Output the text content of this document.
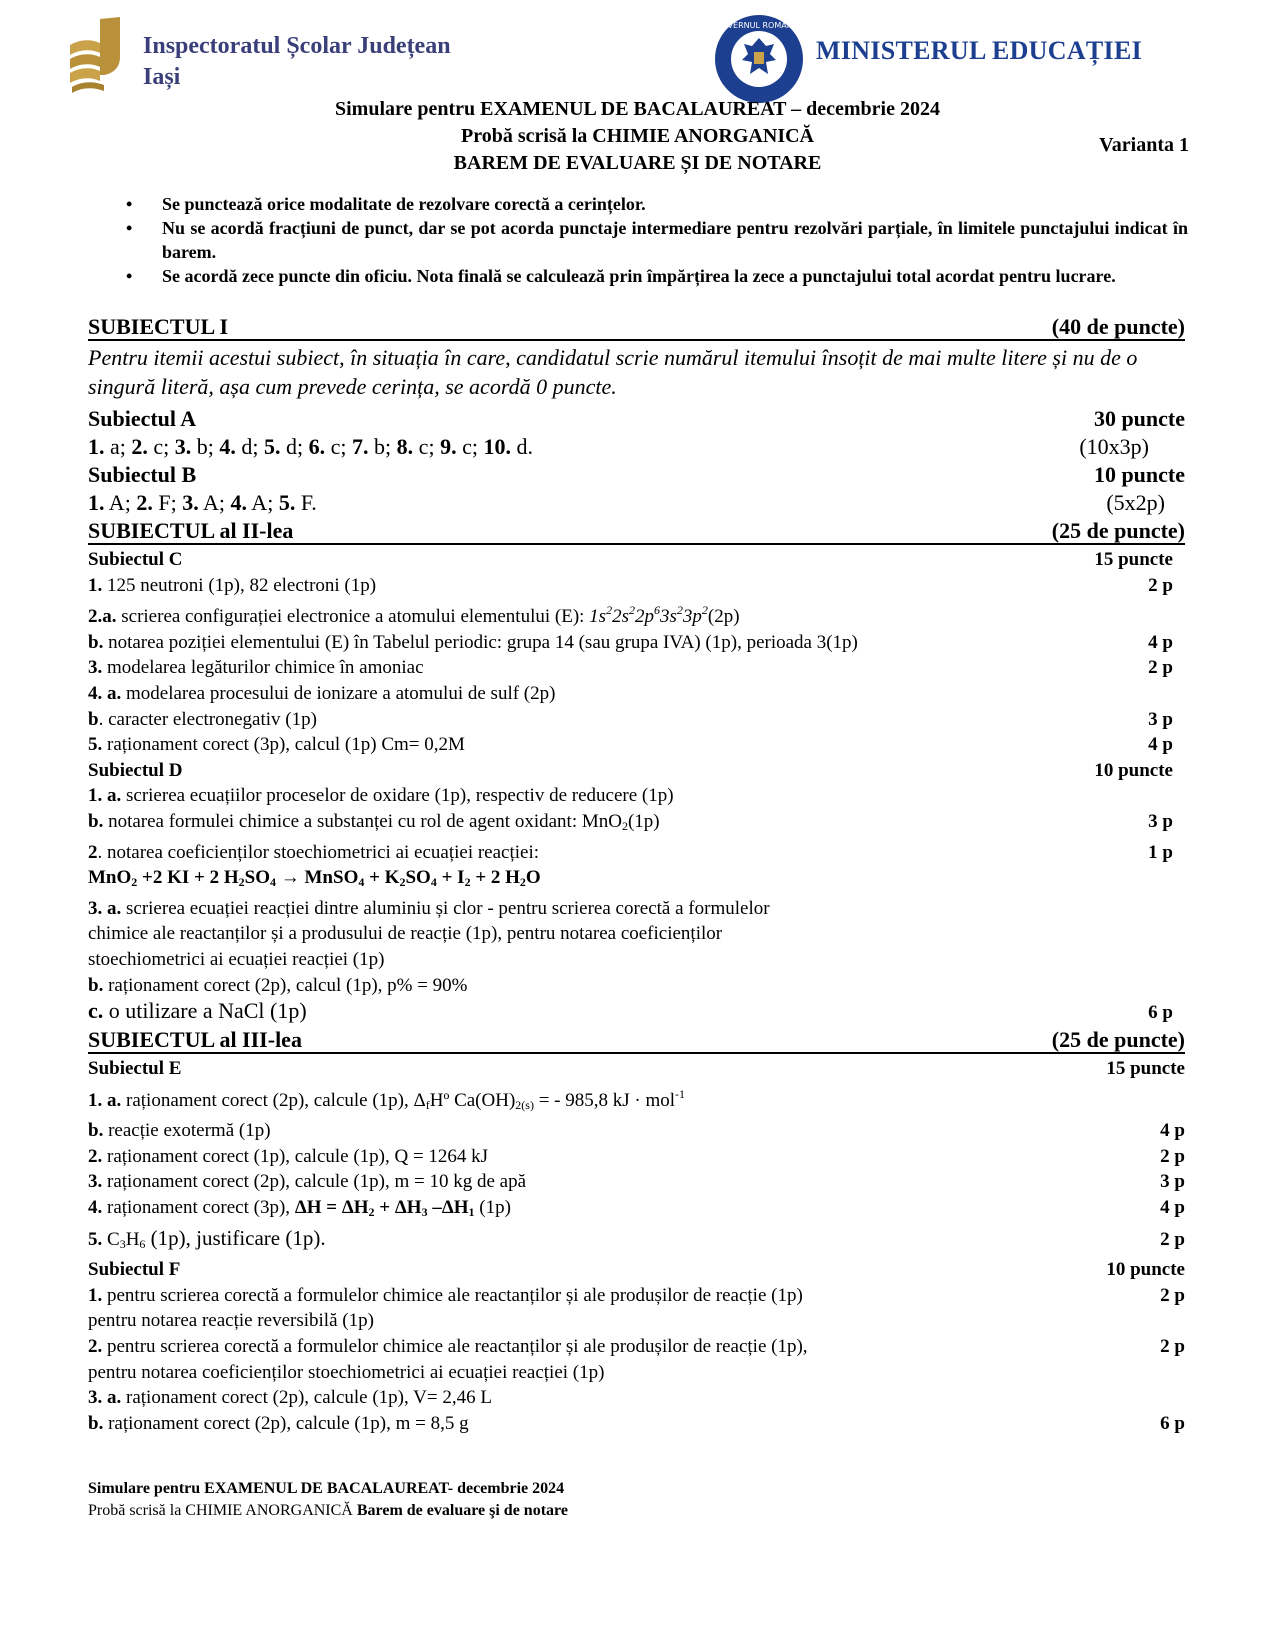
Inspectoratul Școlar Județean
Iași
GUVERNUL ROMÂNIEI
MINISTERUL EDUCAȚIEI
Simulare pentru EXAMENUL DE BACALAUREAT – decembrie 2024
Probă scrisă la CHIMIE ANORGANICĂ	Varianta 1
BAREM DE EVALUARE ȘI DE NOTARE
• Se punctează orice modalitate de rezolvare corectă a cerințelor.
• Nu se acordă fracțiuni de punct, dar se pot acorda punctaje intermediare pentru rezolvări parțiale, în limitele punctajului indicat în barem.
• Se acordă zece puncte din oficiu. Nota finală se calculează prin împărțirea la zece a punctajului total acordat pentru lucrare.
SUBIECTUL I	(40 de puncte)
Pentru itemii acestui subiect, în situația în care, candidatul scrie numărul itemului însoțit de mai multe litere și nu de o singură literă, așa cum prevede cerința, se acordă 0 puncte.
Subiectul A	30 puncte
1. a; 2. c; 3. b; 4. d; 5. d; 6. c; 7. b; 8. c; 9. c; 10. d.	(10x3p)
Subiectul B	10 puncte
1. A; 2. F; 3. A; 4. A; 5. F.	(5x2p)
SUBIECTUL al II-lea	(25 de puncte)
Subiectul C	15 puncte
1. 125 neutroni (1p), 82 electroni (1p)	2 p
2.a. scrierea configurației electronice a atomului elementului (E): $1s^22s^22p^63s^23p^2(2p)$
b. notarea poziției elementului (E) în Tabelul periodic: grupa 14 (sau grupa IVA) (1p), perioada 3(1p)	4 p
3. modelarea legăturilor chimice în amoniac	2 p
4. a. modelarea procesului de ionizare a atomului de sulf (2p)
b. caracter electronegativ (1p)	3 p
5. raționament corect (3p), calcul (1p) Cm= 0,2M	4 p
Subiectul D	10 puncte
1. a. scrierea ecuațiilor proceselor de oxidare (1p), respectiv de reducere (1p)
b. notarea formulei chimice a substanței cu rol de agent oxidant: MnO$_2$(1p)	3 p
2. notarea coeficienților stoechiometrici ai ecuației reacției:	1 p
MnO$_2$ +2 KI + 2 $H_2SO_4$ → MnSO$_4$ + $K_2SO_4 + I_2 + 2$ $H_2O$
3. a. scrierea ecuației reacției dintre aluminiu și clor - pentru scrierea corectă a formulelor
chimice ale reactanților și a produsului de reacție (1p), pentru notarea coeficienților
stoechiometrici ai ecuației reacției (1p)
b. raționament corect (2p), calcul (1p), p% = 90%
c. o utilizare a NaCl (1p)	6 p
SUBIECTUL al III-lea	(25 de puncte)
Subiectul E	15 puncte
1. a. raționament corect (2p), calcule (1p), $\Delta_fHº$ $Ca(OH)_{2(s)}$ = - 985,8 kJ · mol$^{-1}$
b. reacție exotermă (1p)	4 p
2. raționament corect (1p), calcule (1p), Q = 1264 kJ	2 p
3. raționament corect (2p), calcule (1p), m = 10 kg de apă	3 p
4. raționament corect (3p), $\Delta H = \Delta H_2 + \Delta H_3$ $-\Delta H_1$ (1p)	4 p
5. $C_3H_6$ (1p), justificare (1p).	2 p
Subiectul F	10 puncte
1. pentru scrierea corectă a formulelor chimice ale reactanților și ale produșilor de reacție (1p)	2 p
pentru notarea reacție reversibilă (1p)
2. pentru scrierea corectă a formulelor chimice ale reactanților și ale produșilor de reacție (1p),	2 p
pentru notarea coeficienților stoechiometrici ai ecuației reacției (1p)
3. a. raționament corect (2p), calcule (1p), V= 2,46 L
b. raționament corect (2p), calcule (1p), m = 8,5 g	6 p
Simulare pentru EXAMENUL DE BACALAUREAT- decembrie 2024
Probă scrisă la CHIMIE ANORGANICĂ Barem de evaluare şi de notare
